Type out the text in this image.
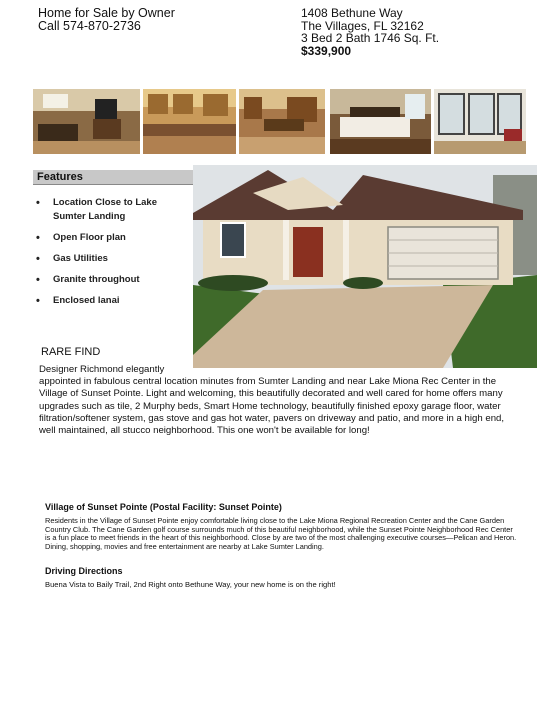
Home for Sale by Owner
Call 574-870-2736
1408 Bethune Way
The Villages, FL 32162
3 Bed 2 Bath 1746 Sq. Ft.
$339,900
Features
• Location Close to Lake Sumter Landing
• Open Floor plan
• Gas Utilities
• Granite throughout
• Enclosed lanai
RARE FIND
Designer Richmond elegantly
appointed in fabulous central location minutes from Sumter Landing and near Lake Miona Rec Center in the Village of Sunset Pointe. Light and welcoming, this beautifully decorated and well cared for home offers many upgrades such as tile, 2 Murphy beds, Smart Home technology, beautifully finished epoxy garage floor, water filtration/softener system, gas stove and gas hot water, pavers on driveway and patio, and more in a high end, well maintained, all stucco neighborhood. This one won't be available for long!
Village of Sunset Pointe (Postal Facility: Sunset Pointe)
Residents in the Village of Sunset Pointe enjoy comfortable living close to the Lake Miona Regional Recreation Center and the Cane Garden Country Club. The Cane Garden golf course surrounds much of this beautiful neighborhood, while the Sunset Pointe Neighborhood Rec Center is a fun place to meet friends in the heart of this neighborhood. Close by are two of the most challenging executive courses—Pelican and Heron. Dining, shopping, movies and free entertainment are nearby at Lake Sumter Landing.
Driving Directions
Buena Vista to Baily Trail, 2nd Right onto Bethune Way, your new home is on the right!
